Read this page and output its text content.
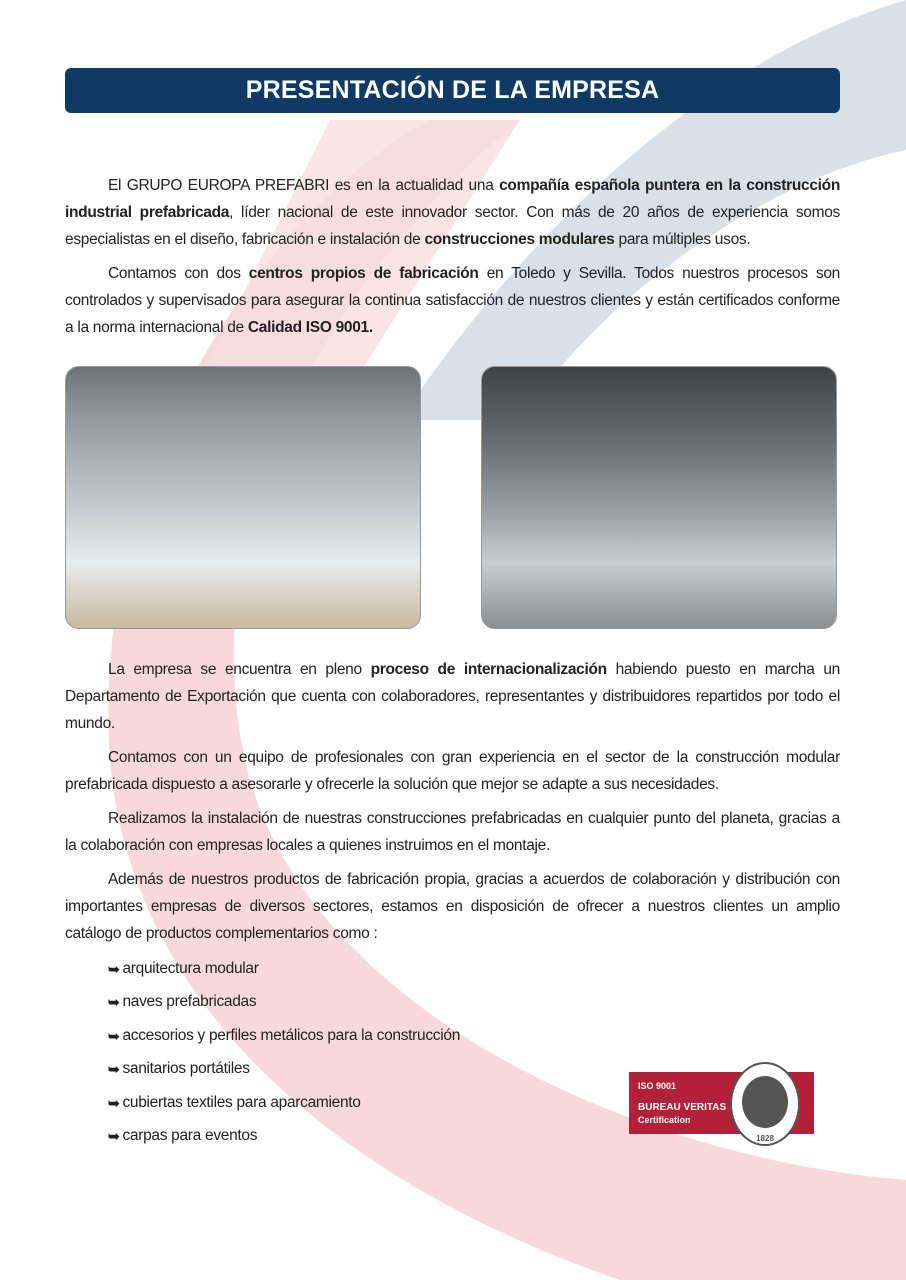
PRESENTACIÓN DE LA EMPRESA

El GRUPO EUROPA PREFABRI es en la actualidad una compañía española puntera en la construcción industrial prefabricada, líder nacional de este innovador sector. Con más de 20 años de experiencia somos especialistas en el diseño, fabricación e instalación de construcciones modulares para múltiples usos.

Contamos con dos centros propios de fabricación en Toledo y Sevilla. Todos nuestros procesos son controlados y supervisados para asegurar la continua satisfacción de nuestros clientes y están certificados conforme a la norma internacional de Calidad ISO 9001.

La empresa se encuentra en pleno proceso de internacionalización habiendo puesto en marcha un Departamento de Exportación que cuenta con colaboradores, representantes y distribuidores repartidos por todo el mundo.

Contamos con un equipo de profesionales con gran experiencia en el sector de la construcción modular prefabricada dispuesto a asesorarle y ofrecerle la solución que mejor se adapte a sus necesidades.

Realizamos la instalación de nuestras construcciones prefabricadas en cualquier punto del planeta, gracias a la colaboración con empresas locales a quienes instruimos en el montaje.

Además de nuestros productos de fabricación propia, gracias a acuerdos de colaboración y distribución con importantes empresas de diversos sectores, estamos en disposición de ofrecer a nuestros clientes un amplio catálogo de productos complementarios como :

➥ arquitectura modular
➥ naves prefabricadas
➥ accesorios y perfiles metálicos para la construcción
➥ sanitarios portátiles
➥ cubiertas textiles para aparcamiento
➥ carpas para eventos
ISO 9001
BUREAU VERITAS
Certification
1828
